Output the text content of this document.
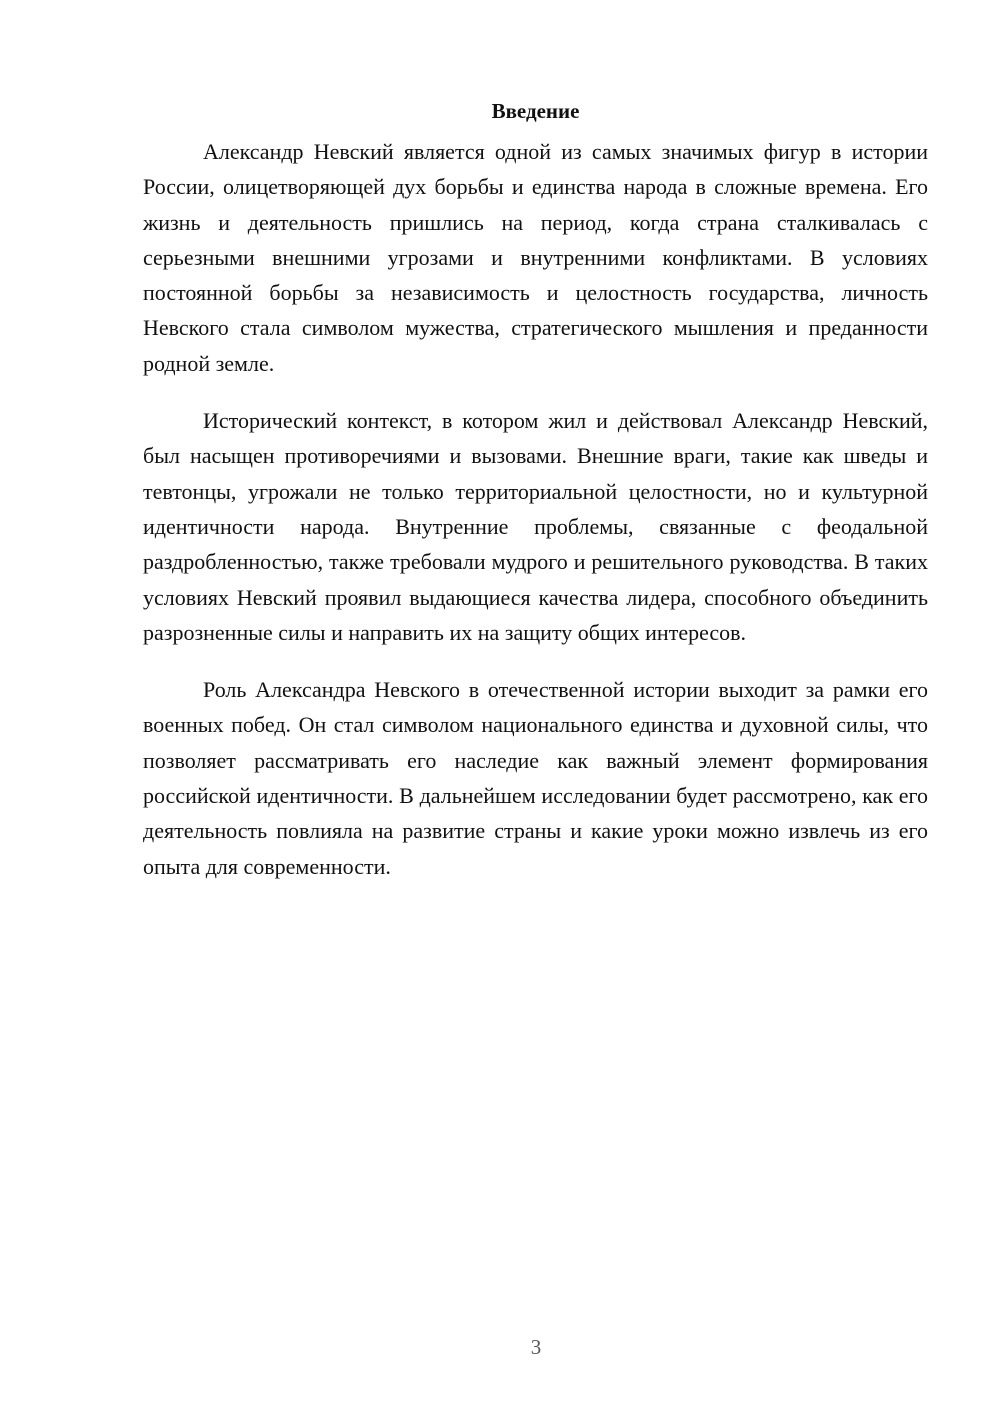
Введение

Александр Невский является одной из самых значимых фигур в истории России, олицетворяющей дух борьбы и единства народа в сложные времена. Его жизнь и деятельность пришлись на период, когда страна сталкивалась с серьезными внешними угрозами и внутренними конфликтами. В условиях постоянной борьбы за независимость и целостность государства, личность Невского стала символом мужества, стратегического мышления и преданности родной земле.

Исторический контекст, в котором жил и действовал Александр Невский, был насыщен противоречиями и вызовами. Внешние враги, такие как шведы и тевтонцы, угрожали не только территориальной целостности, но и культурной идентичности народа. Внутренние проблемы, связанные с феодальной раздробленностью, также требовали мудрого и решительного руководства. В таких условиях Невский проявил выдающиеся качества лидера, способного объединить разрозненные силы и направить их на защиту общих интересов.

Роль Александра Невского в отечественной истории выходит за рамки его военных побед. Он стал символом национального единства и духовной силы, что позволяет рассматривать его наследие как важный элемент формирования российской идентичности. В дальнейшем исследовании будет рассмотрено, как его деятельность повлияла на развитие страны и какие уроки можно извлечь из его опыта для современности.

3
